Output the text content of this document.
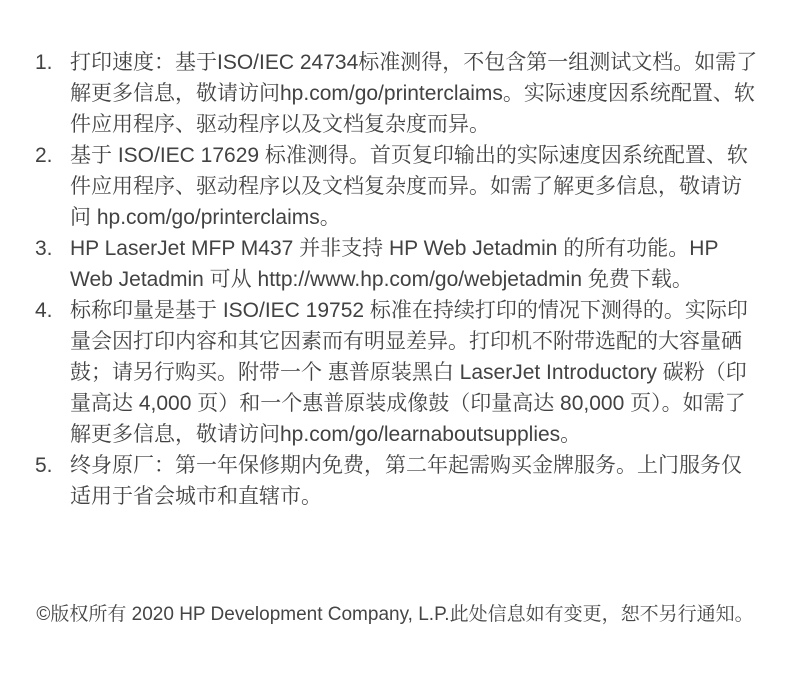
1. 打印速度：基于ISO/IEC 24734标准测得，不包含第一组测试文档。如需了解更多信息，敬请访问hp.com/go/printerclaims。实际速度因系统配置、软件应用程序、驱动程序以及文档复杂度而异。
2. 基于 ISO/IEC 17629 标准测得。首页复印输出的实际速度因系统配置、软件应用程序、驱动程序以及文档复杂度而异。如需了解更多信息，敬请访问 hp.com/go/printerclaims。
3. HP LaserJet MFP M437 并非支持 HP Web Jetadmin 的所有功能。HP Web Jetadmin 可从 http://www.hp.com/go/webjetadmin 免费下载。
4. 标称印量是基于 ISO/IEC 19752 标准在持续打印的情况下测得的。实际印量会因打印内容和其它因素而有明显差异。打印机不附带选配的大容量硒鼓；请另行购买。附带一个 惠普原装黑白 LaserJet Introductory 碳粉（印量高达 4,000 页）和一个惠普原装成像鼓（印量高达 80,000 页）。如需了解更多信息，敬请访问hp.com/go/learnaboutsupplies。
5. 终身原厂：第一年保修期内免费，第二年起需购买金牌服务。上门服务仅适用于省会城市和直辖市。
©版权所有 2020 HP Development Company, L.P.此处信息如有变更，恕不另行通知。
